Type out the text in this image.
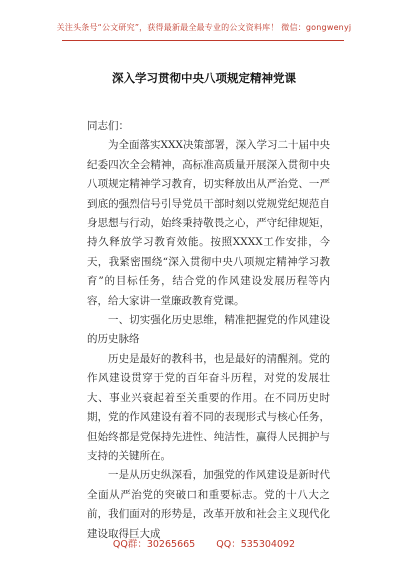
关注头条号“公文研究”，获得最新最全最专业的公文资料库！ 微信：gongwenyj
深入学习贯彻中央八项规定精神党课

同志们：

为全面落实XXX决策部署，深入学习二十届中央纪委四次全会精神，高标准高质量开展深入贯彻中央八项规定精神学习教育，切实释放出从严治党、一严到底的强烈信号引导党员干部时刻以党规党纪规范自身思想与行动，始终秉持敬畏之心，严守纪律规矩，持久释放学习教育效能。按照XXXX工作安排，今天，我紧密围绕“深入贯彻中央八项规定精神学习教育”的目标任务，结合党的作风建设发展历程等内容，给大家讲一堂廉政教育党课。

一、切实强化历史思维，精准把握党的作风建设的历史脉络

历史是最好的教科书，也是最好的清醒剂。党的作风建设贯穿于党的百年奋斗历程，对党的发展壮大、事业兴衰起着至关重要的作用。在不同历史时期，党的作风建设有着不同的表现形式与核心任务，但始终都是党保持先进性、纯洁性，赢得人民拥护与支持的关键所在。

一是从历史纵深看，加强党的作风建设是新时代全面从严治党的突破口和重要标志。党的十八大之前，我们面对的形势是，改革开放和社会主义现代化建设取得巨大成

QQ群：30265665 QQ：535304092
